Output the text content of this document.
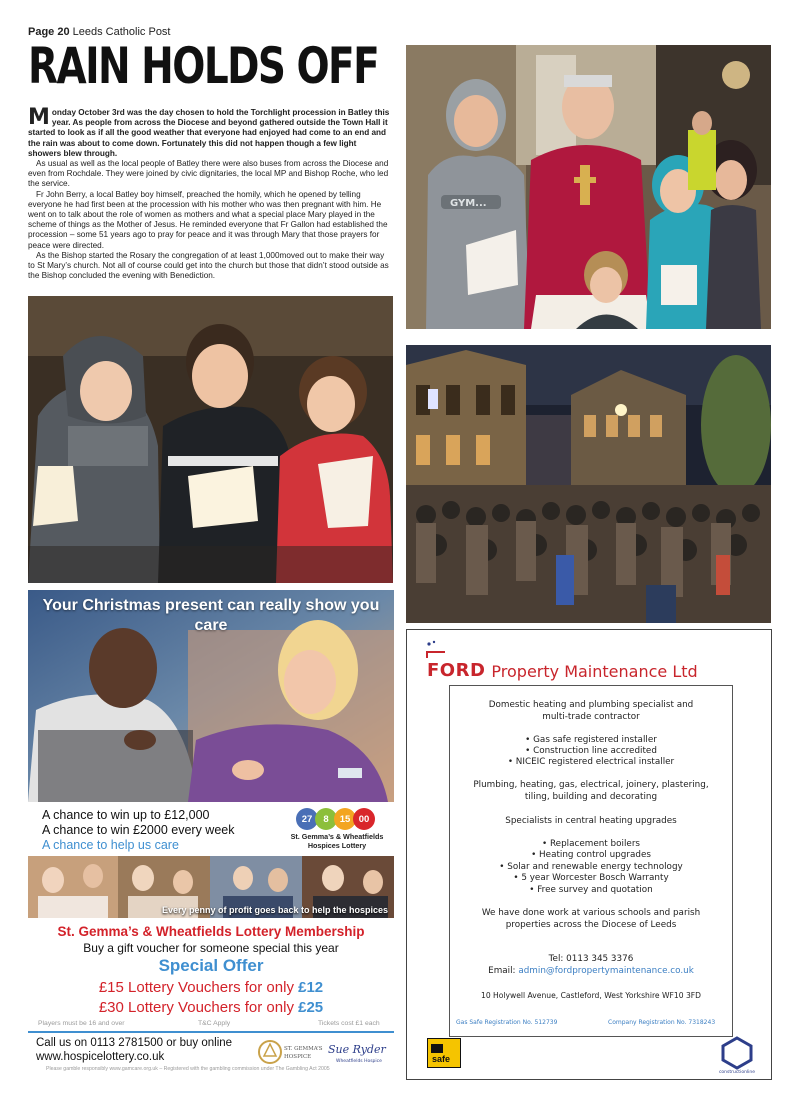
Page 20 Leeds Catholic Post
RAIN HOLDS OFF

Monday October 3rd was the day chosen to hold the Torchlight procession in Batley this year. As people from across the Diocese and beyond gathered outside the Town Hall it started to look as if all the good weather that everyone had enjoyed had come to an end and the rain was about to come down. Fortunately this did not happen though a few light showers blew through.

As usual as well as the local people of Batley there were also buses from across the Diocese and even from Rochdale. They were joined by civic dignitaries, the local MP and Bishop Roche, who led the service.

Fr John Berry, a local Batley boy himself, preached the homily, which he opened by telling everyone he had first been at the procession with his mother who was then pregnant with him. He went on to talk about the role of women as mothers and what a special place Mary played in the scheme of things as the Mother of Jesus. He reminded everyone that Fr Gallon had established the procession – some 51 years ago to pray for peace and it was through Mary that those prayers for peace were directed.

As the Bishop started the Rosary the congregation of at least 1,000moved out to make their way to St Mary’s church. Not all of course could get into the church but those that didn’t stood outside as the Bishop concluded the evening with Benediction.

GYM...
Your Christmas present can really show you care
A chance to win up to £12,000
A chance to win £2000 every week
A chance to help us care
27	8	15 00
St. Gemma’s & Wheatfields Hospices Lottery
Every penny of profit goes back to help the hospices
St. Gemma’s & Wheatfields Lottery Membership
Buy a gift voucher for someone special this year
Special Offer
£15 Lottery Vouchers for only £12
£30 Lottery Vouchers for only £25
Players must be 16 and over	T&C Apply	Tickets cost £1 each
Call us on 0113 2781500 or buy online
www.hospicelottery.co.uk
ST. GEMMA’S
HOSPICE
Sue Ryder
Wheatfields Hospice
Please gamble responsibly www.gamcare.org.uk – Registered with the gambling commission under The Gambling Act 2005
FORD Property Maintenance Ltd
Domestic heating and plumbing specialist and
multi-trade contractor
• Gas safe registered installer
• Construction line accredited
• NICEIC registered electrical installer
Plumbing, heating, gas, electrical, joinery, plastering,
tiling, building and decorating
Specialists in central heating upgrades
• Replacement boilers
• Heating control upgrades
• Solar and renewable energy technology
• 5 year Worcester Bosch Warranty
• Free survey and quotation
We have done work at various schools and parish
properties across the Diocese of Leeds
Tel: 0113 345 3376
Email: admin@fordpropertymaintenance.co.uk
10 Holywell Avenue, Castleford, West Yorkshire WF10 3FD
Gas Safe Registration No. 512739	Company Registration No. 7318243
safe
constructionline
